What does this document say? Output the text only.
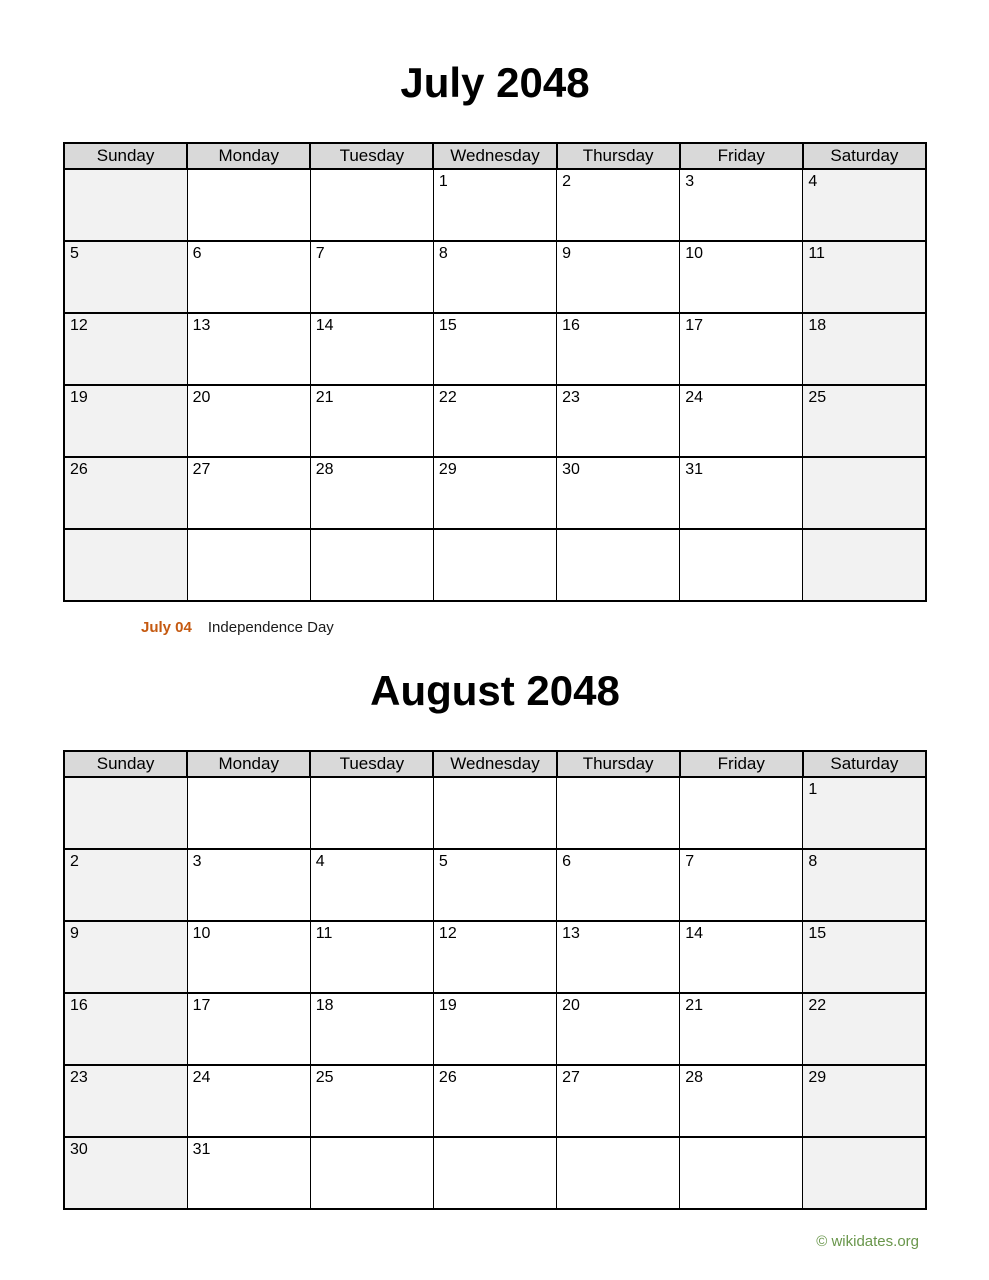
July 2048
Sunday	Monday	Tuesday	Wednesday	Thursday	Friday	Saturday
			1	2	3	4
5	6	7	8	9	10	11
12	13	14	15	16	17	18
19	20	21	22	23	24	25
26	27	28	29	30	31	

July 04 Independence Day
August 2048
Sunday	Monday	Tuesday	Wednesday	Thursday	Friday	Saturday
						1
2	3	4	5	6	7	8
9	10	11	12	13	14	15
16	17	18	19	20	21	22
23	24	25	26	27	28	29
30	31					
© wikidates.org
